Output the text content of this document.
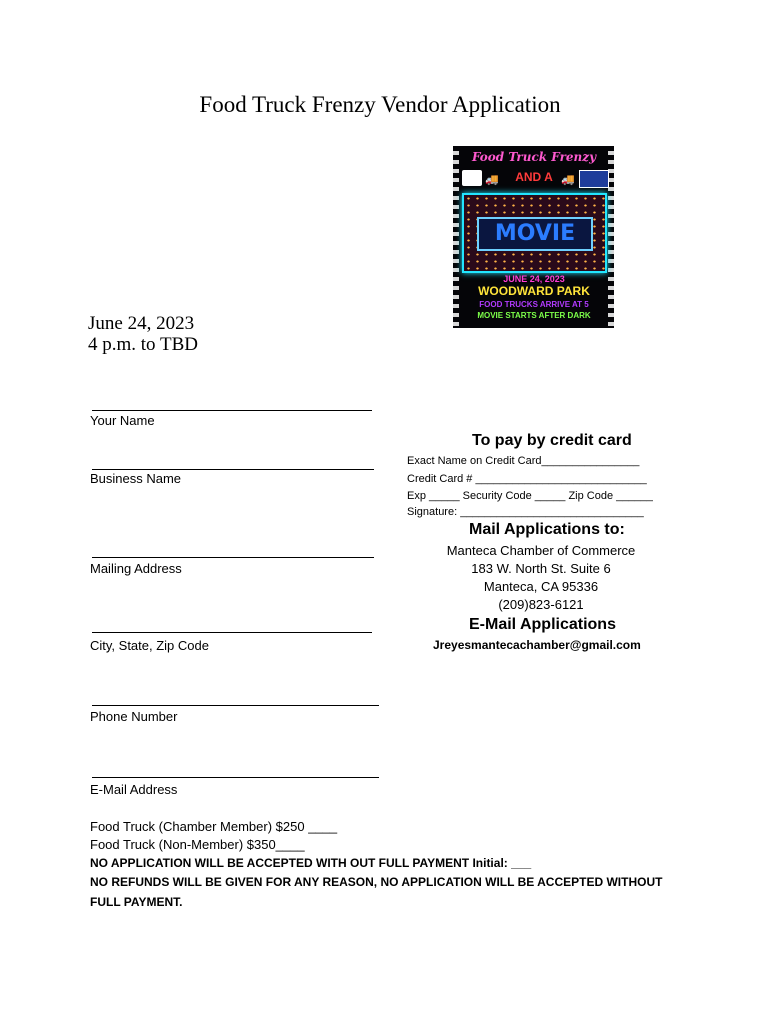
Food Truck Frenzy Vendor Application
June 24, 2023
4 p.m. to TBD
Food Truck Frenzy
🚚	AND A 🚚
MOVIE
JUNE 24, 2023
WOODWARD PARK
FOOD TRUCKS ARRIVE AT 5
MOVIE STARTS AFTER DARK
Your Name
Business Name
Mailing Address
City, State, Zip Code
Phone Number
E-Mail Address
To pay by credit card
Exact Name on Credit Card________________
Credit Card # ____________________________
Exp _____ Security Code _____ Zip Code ______
Signature: ______________________________
Mail Applications to:
Manteca Chamber of Commerce
183 W. North St. Suite 6
Manteca, CA 95336
(209)823-6121
E-Mail Applications
Jreyesmantecachamber@gmail.com
Food Truck (Chamber Member) $250 ____
Food Truck (Non-Member) $350____
NO APPLICATION WILL BE ACCEPTED WITH OUT FULL PAYMENT Initial: ___
NO REFUNDS WILL BE GIVEN FOR ANY REASON, NO APPLICATION WILL BE ACCEPTED WITHOUT FULL PAYMENT.
